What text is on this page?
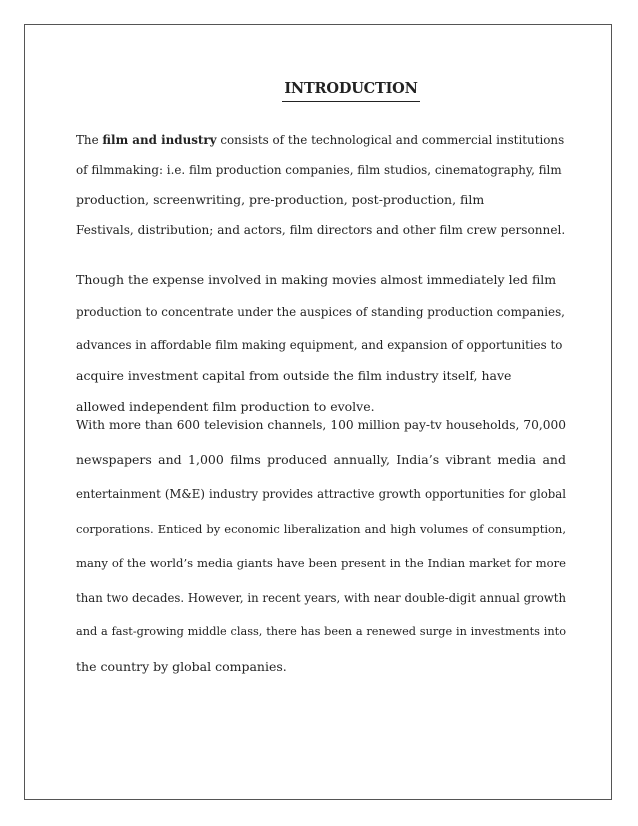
INTRODUCTION
The film and industry consists of the technological and commercial institutions
of filmmaking: i.e. film production companies, film studios, cinematography, film
production, screenwriting, pre-production, post-production, film
Festivals, distribution; and actors, film directors and other film crew personnel.
Though the expense involved in making movies almost immediately led film
production to concentrate under the auspices of standing production companies,
advances in affordable film making equipment, and expansion of opportunities to
acquire investment capital from outside the film industry itself, have
allowed independent film production to evolve.
With more than 600 television channels, 100 million pay-tv households, 70,000
newspapers and 1,000 films produced annually, India’s vibrant media and
entertainment (M&E) industry provides attractive growth opportunities for global
corporations. Enticed by economic liberalization and high volumes of consumption,
many of the world’s media giants have been present in the Indian market for more
than two decades. However, in recent years, with near double-digit annual growth
and a fast-growing middle class, there has been a renewed surge in investments into
the country by global companies.
